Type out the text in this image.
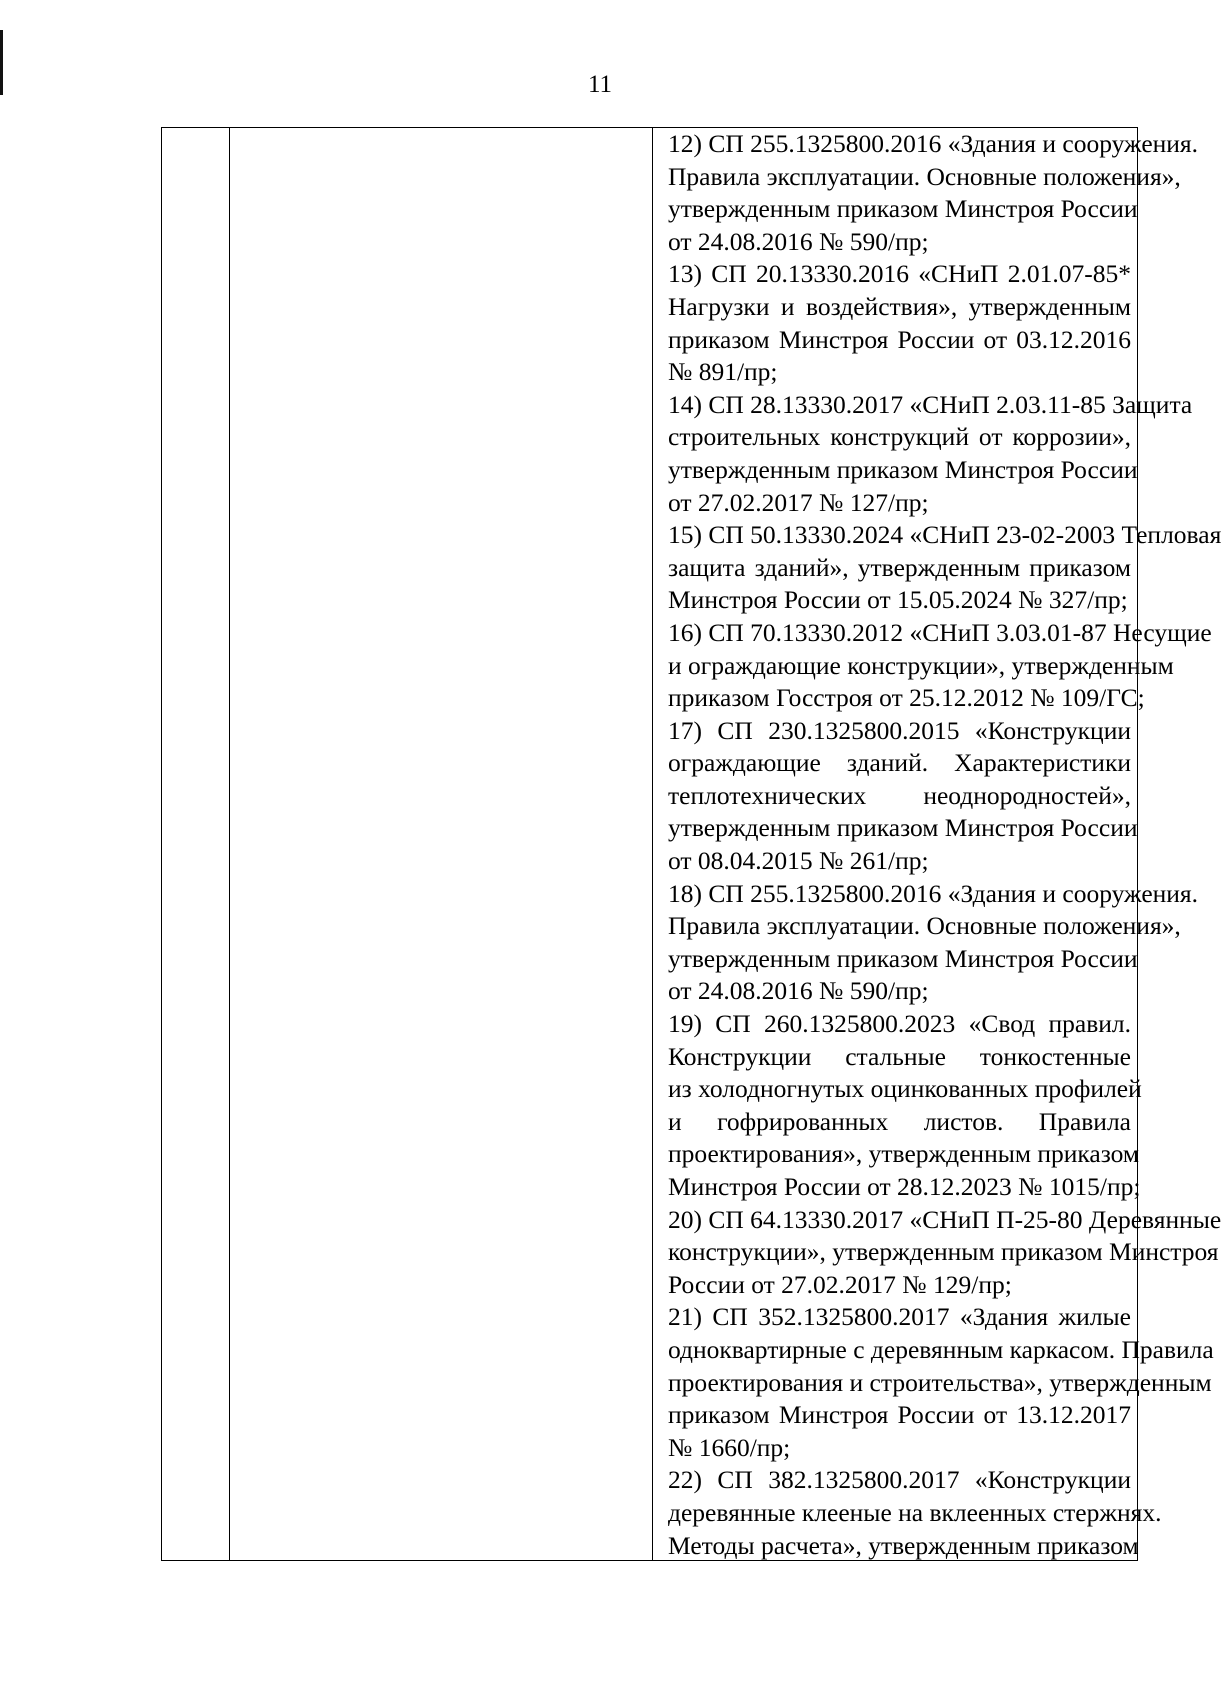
11
12) СП 255.1325800.2016 «Здания и сооружения.
Правила эксплуатации. Основные положения»,
утвержденным приказом Минстроя России
от 24.08.2016 № 590/пр;
13) СП 20.13330.2016 «СНиП 2.01.07-85*
Нагрузки и воздействия», утвержденным
приказом Минстроя России от 03.12.2016
№ 891/пр;
14) СП 28.13330.2017 «СНиП 2.03.11-85 Защита
строительных конструкций от коррозии»,
утвержденным приказом Минстроя России
от 27.02.2017 № 127/пр;
15) СП 50.13330.2024 «СНиП 23-02-2003 Тепловая
защита зданий», утвержденным приказом
Минстроя России от 15.05.2024 № 327/пр;
16) СП 70.13330.2012 «СНиП 3.03.01-87 Несущие
и ограждающие конструкции», утвержденным
приказом Госстроя от 25.12.2012 № 109/ГС;
17) СП 230.1325800.2015 «Конструкции
ограждающие зданий. Характеристики
теплотехнических неоднородностей»,
утвержденным приказом Минстроя России
от 08.04.2015 № 261/пр;
18) СП 255.1325800.2016 «Здания и сооружения.
Правила эксплуатации. Основные положения»,
утвержденным приказом Минстроя России
от 24.08.2016 № 590/пр;
19) СП 260.1325800.2023 «Свод правил.
Конструкции стальные тонкостенные
из холодногнутых оцинкованных профилей
и гофрированных листов. Правила
проектирования», утвержденным приказом
Минстроя России от 28.12.2023 № 1015/пр;
20) СП 64.13330.2017 «СНиП П-25-80 Деревянные
конструкции», утвержденным приказом Минстроя
России от 27.02.2017 № 129/пр;
21) СП 352.1325800.2017 «Здания жилые
одноквартирные с деревянным каркасом. Правила
проектирования и строительства», утвержденным
приказом Минстроя России от 13.12.2017
№ 1660/пр;
22) СП 382.1325800.2017 «Конструкции
деревянные клееные на вклеенных стержнях.
Методы расчета», утвержденным приказом
